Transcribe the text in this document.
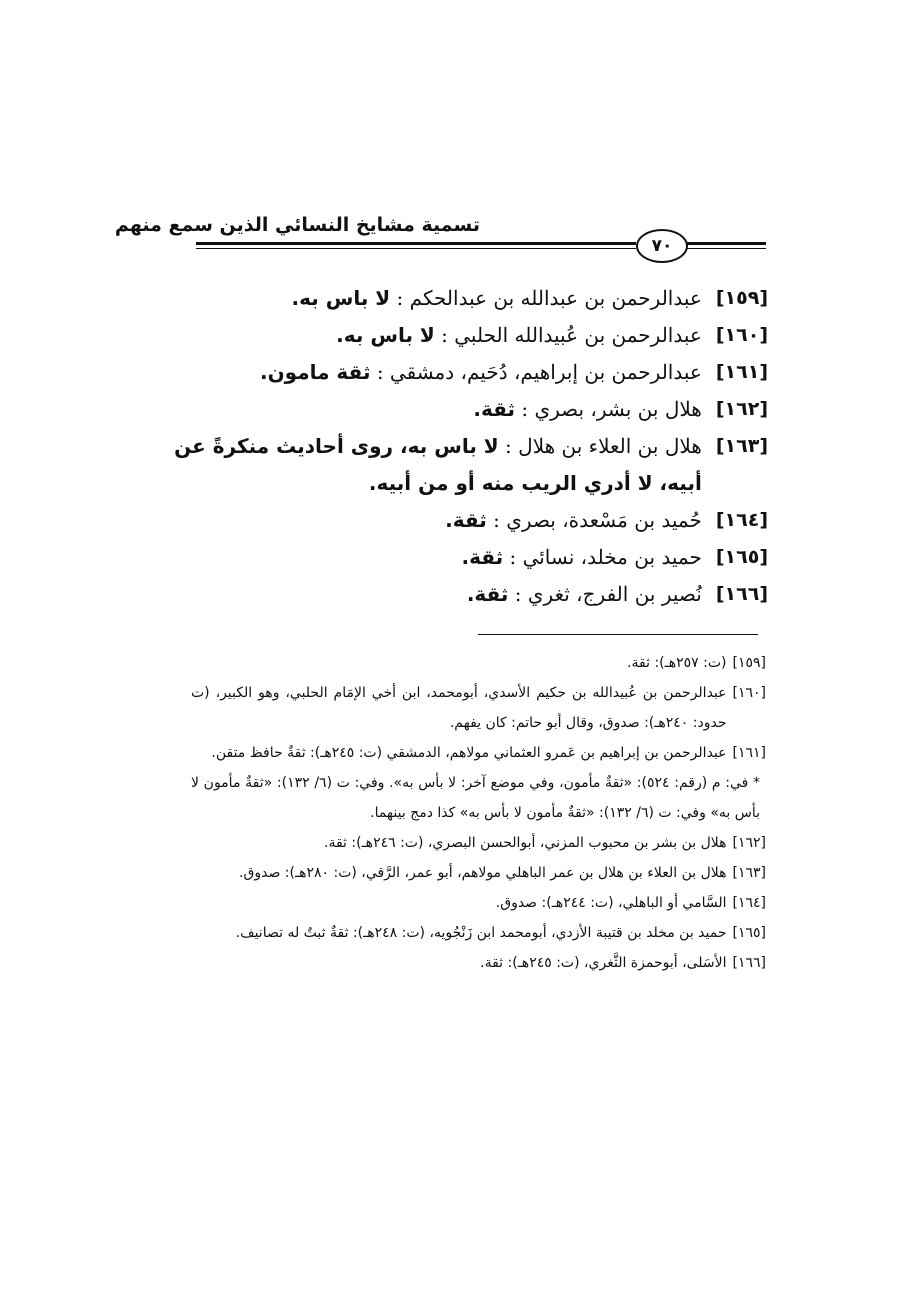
تسمية مشايخ النسائي الذين سمع منهم
٧٠
[١٥٩]
عبدالرحمن بن عبدالله بن عبدالحكم : لا باس به.
[١٦٠]
عبدالرحمن بن عُبيدالله الحلبي : لا باس به.
[١٦١]
عبدالرحمن بن إبراهيم، دُحَيم، دمشقي : ثقة مامون.
[١٦٢]
هلال بن بشر، بصري : ثقة.
[١٦٣]
هلال بن العلاء بن هلال : لا باس به، روى أحاديث منكرةً عن أبيه، لا أدري الريب منه أو من أبيه.
[١٦٤]
حُميد بن مَسْعدة، بصري : ثقة.
[١٦٥]
حميد بن مخلد، نسائي : ثقة.
[١٦٦]
نُصير بن الفرج، ثغري : ثقة.
[١٥٩]
(ت: ٢٥٧هـ): ثقة.
[١٦٠]
عبدالرحمن بن عُبيدالله بن حكيم الأسدي، أبومحمد، ابن أخي الإمَام الحلبي، وهو الكبير، (ت حدود: ٢٤٠هـ): صدوق، وقال أبو حاتم: كان يفهم.
[١٦١]
عبدالرحمن بن إبراهيم بن عَمرو العثماني مولاهم، الدمشقي (ت: ٢٤٥هـ): ثقةٌ حافظ متقن.
* في: م (رقم: ٥٢٤): «ثقةٌ مأمون، وفي موضع آخر: لا بأس به». وفي: ت (٦/ ١٣٢): «ثقةٌ مأمون لا بأس به» وفي: ت (٦/ ١٣٢): «ثقةٌ مأمون لا بأس به» كذا دمج بينهما.
[١٦٢]
هلال بن بشر بن محبوب المزني، أبوالحسن البصري، (ت: ٢٤٦هـ): ثقة.
[١٦٣]
هلال بن العلاء بن هلال بن عمر الباهلي مولاهم، أبو عمر، الرَّقي، (ت: ٢٨٠هـ): صدوق.
[١٦٤]
السَّامي أو الباهلي، (ت: ٢٤٤هـ): صدوق.
[١٦٥]
حميد بن مخلد بن قتيبة الأزدي، أبومحمد ابن زَنْجُويه، (ت: ٢٤٨هـ): ثقةٌ ثبتٌ له تصانيف.
[١٦٦]
الأسَلى، أبوحمزة الثَّغري، (ت: ٢٤٥هـ): ثقة.
